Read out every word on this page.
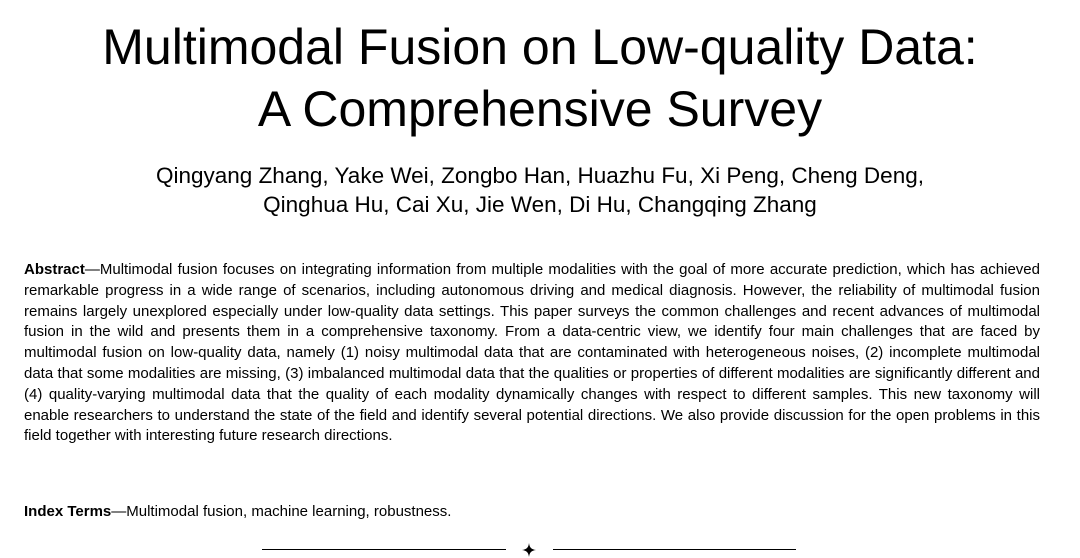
Multimodal Fusion on Low-quality Data:
A Comprehensive Survey
Qingyang Zhang, Yake Wei, Zongbo Han, Huazhu Fu, Xi Peng, Cheng Deng,
Qinghua Hu, Cai Xu, Jie Wen, Di Hu, Changqing Zhang

Abstract—Multimodal fusion focuses on integrating information from multiple modalities with the goal of more accurate prediction, which has achieved remarkable progress in a wide range of scenarios, including autonomous driving and medical diagnosis. However, the reliability of multimodal fusion remains largely unexplored especially under low-quality data settings. This paper surveys the common challenges and recent advances of multimodal fusion in the wild and presents them in a comprehensive taxonomy. From a data-centric view, we identify four main challenges that are faced by multimodal fusion on low-quality data, namely (1) noisy multimodal data that are contaminated with heterogeneous noises, (2) incomplete multimodal data that some modalities are missing, (3) imbalanced multimodal data that the qualities or properties of different modalities are significantly different and (4) quality-varying multimodal data that the quality of each modality dynamically changes with respect to different samples. This new taxonomy will enable researchers to understand the state of the field and identify several potential directions. We also provide discussion for the open problems in this field together with interesting future research directions.

Index Terms—Multimodal fusion, machine learning, robustness.
